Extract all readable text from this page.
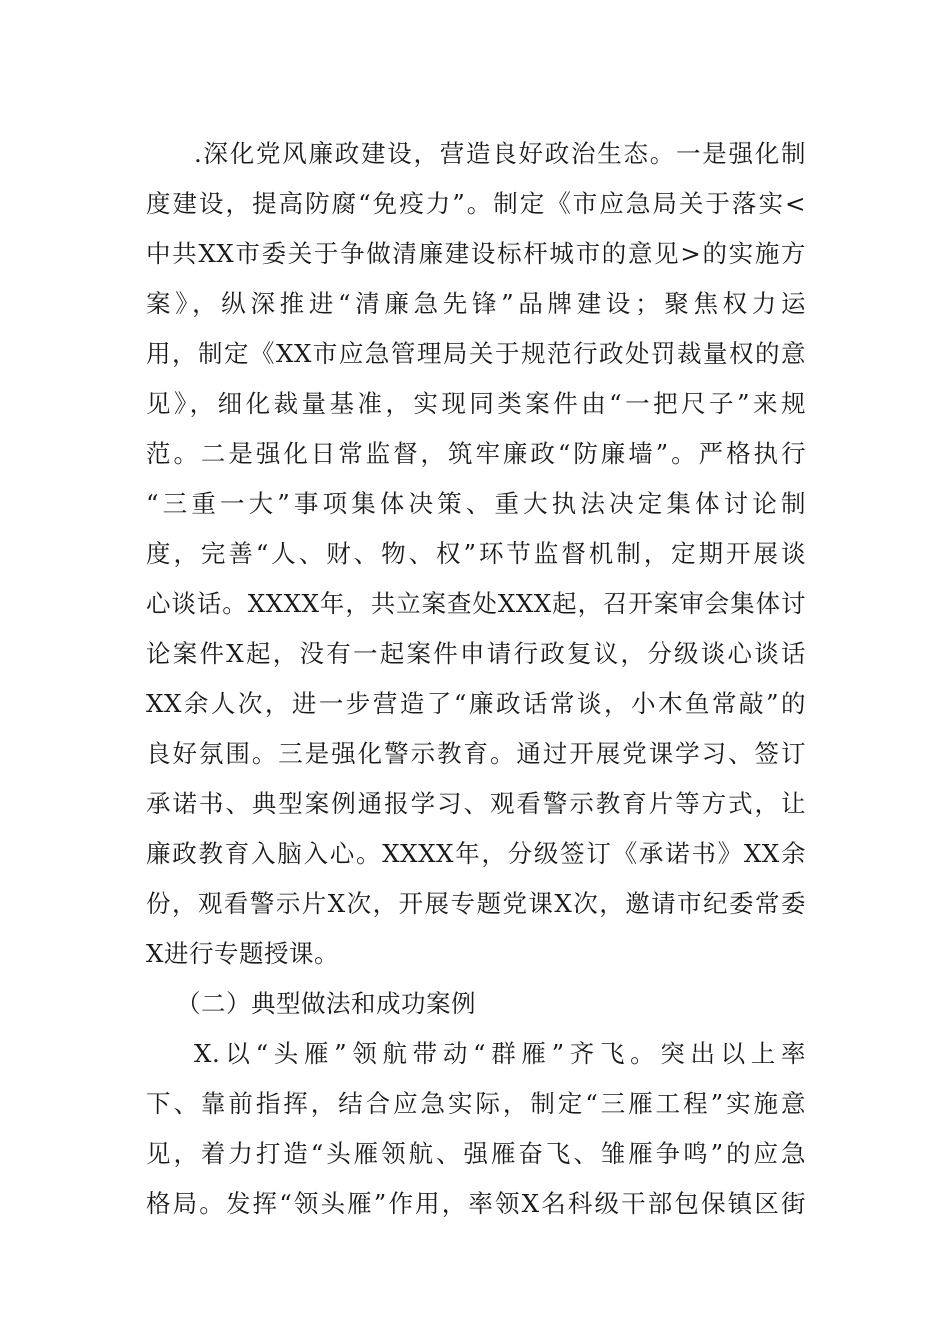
.深化党风廉政建设，营造良好政治生态。一是强化制
度建设，提高防腐“免疫力”。制定《市应急局关于落实<
中共XX市委关于争做清廉建设标杆城市的意见>的实施方
案》，纵深推进“清廉急先锋”品牌建设；聚焦权力运
用，制定《XX市应急管理局关于规范行政处罚裁量权的意
见》，细化裁量基准，实现同类案件由“一把尺子”来规
范。二是强化日常监督，筑牢廉政“防廉墙”。严格执行
“三重一大”事项集体决策、重大执法决定集体讨论制
度，完善“人、财、物、权”环节监督机制，定期开展谈
心谈话。XXXX年，共立案查处XXX起，召开案审会集体讨
论案件X起，没有一起案件申请行政复议，分级谈心谈话
XX余人次，进一步营造了“廉政话常谈，小木鱼常敲”的
良好氛围。三是强化警示教育。通过开展党课学习、签订
承诺书、典型案例通报学习、观看警示教育片等方式，让
廉政教育入脑入心。XXXX年，分级签订《承诺书》XX余
份，观看警示片X次，开展专题党课X次，邀请市纪委常委
X进行专题授课。
（二）典型做法和成功案例
X.以“头雁”领航带动“群雁”齐飞。突出以上率
下、靠前指挥，结合应急实际，制定“三雁工程”实施意
见，着力打造“头雁领航、强雁奋飞、雏雁争鸣”的应急
格局。发挥“领头雁”作用，率领X名科级干部包保镇区街
